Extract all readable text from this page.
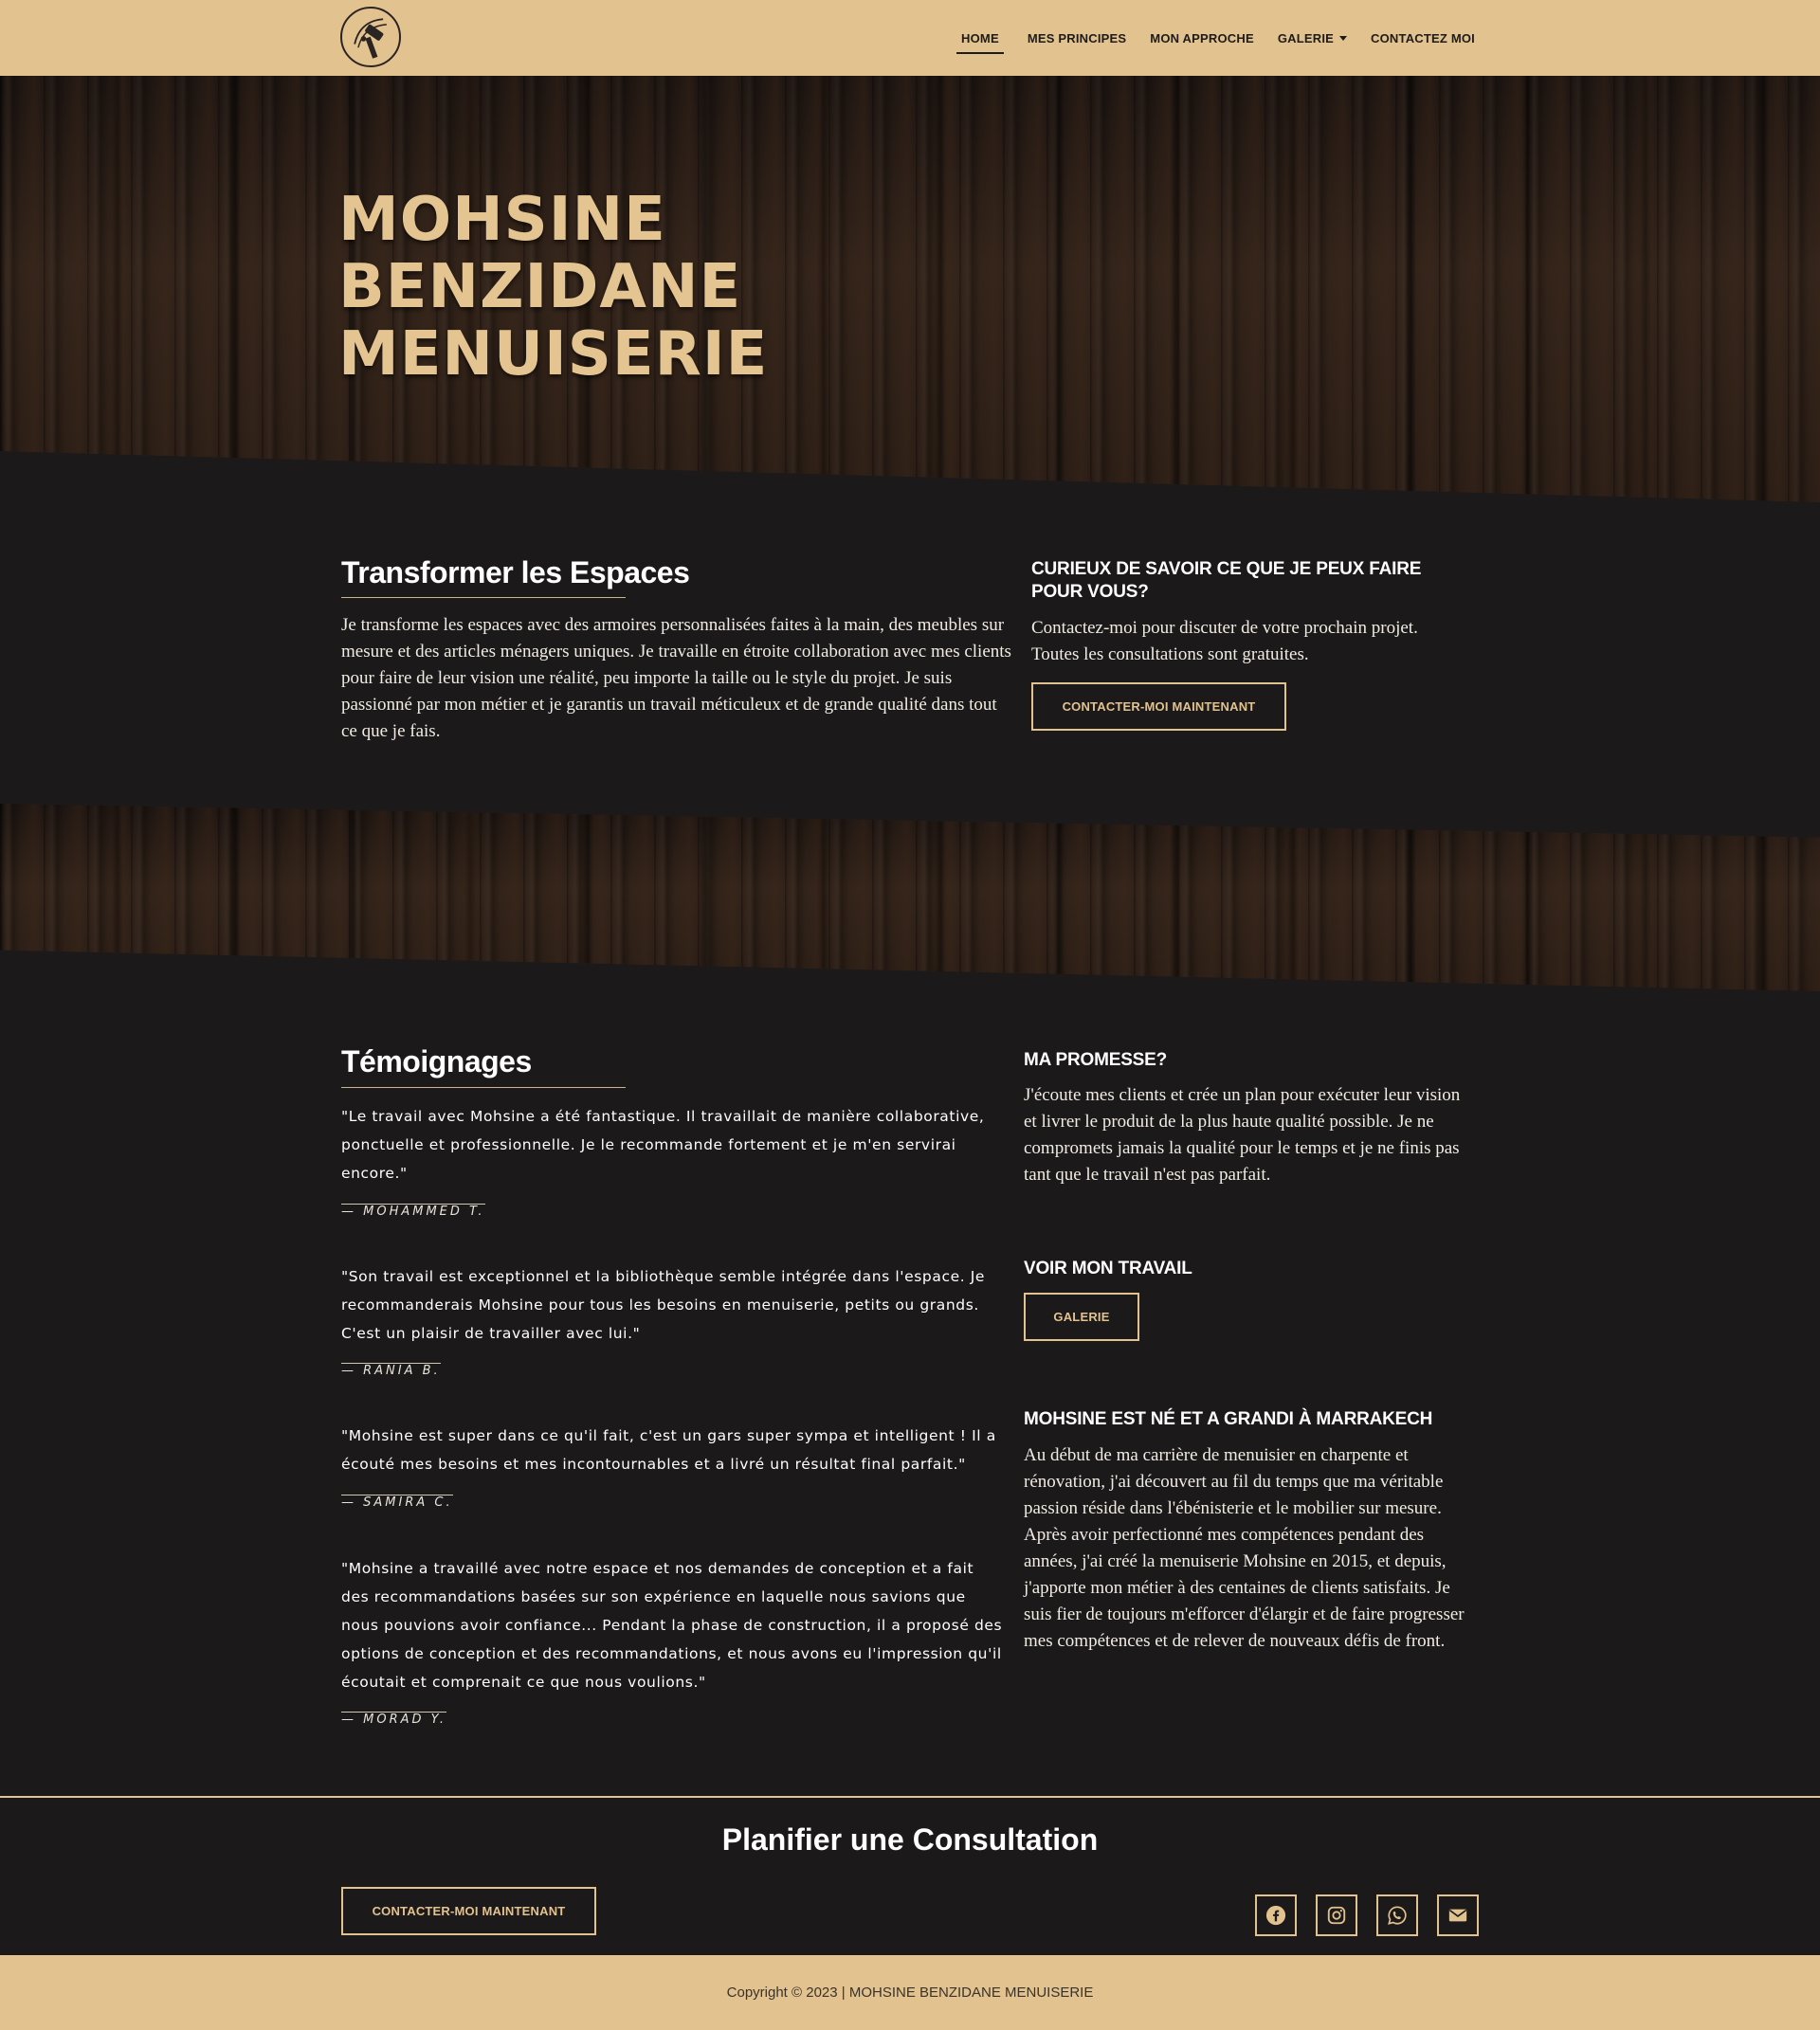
HOME MES PRINCIPES MON APPROCHE GALERIE	CONTACTEZ MOI
MOHSINE
BENZIDANE
MENUISERIE
Transformer les Espaces

Je transforme les espaces avec des armoires personnalisées faites à la main, des meubles sur mesure et des articles ménagers uniques. Je travaille en étroite collaboration avec mes clients pour faire de leur vision une réalité, peu importe la taille ou le style du projet. Je suis passionné par mon métier et je garantis un travail méticuleux et de grande qualité dans tout ce que je fais.

CURIEUX DE SAVOIR CE QUE JE PEUX FAIRE POUR VOUS?

Contactez-moi pour discuter de votre prochain projet. Toutes les consultations sont gratuites.

CONTACTER-MOI MAINTENANT
Témoignages

"Le travail avec Mohsine a été fantastique. Il travaillait de manière collaborative, ponctuelle et professionnelle. Je le recommande fortement et je m'en servirai encore."

— MOHAMMED T.

"Son travail est exceptionnel et la bibliothèque semble intégrée dans l'espace. Je recommanderais Mohsine pour tous les besoins en menuiserie, petits ou grands. C'est un plaisir de travailler avec lui."

— RANIA B.

"Mohsine est super dans ce qu'il fait, c'est un gars super sympa et intelligent ! Il a écouté mes besoins et mes incontournables et a livré un résultat final parfait."

— SAMIRA C.

"Mohsine a travaillé avec notre espace et nos demandes de conception et a fait des recommandations basées sur son expérience en laquelle nous savions que nous pouvions avoir confiance... Pendant la phase de construction, il a proposé des options de conception et des recommandations, et nous avons eu l'impression qu'il écoutait et comprenait ce que nous voulions."

— MORAD Y.

MA PROMESSE?

J'écoute mes clients et crée un plan pour exécuter leur vision et livrer le produit de la plus haute qualité possible. Je ne compromets jamais la qualité pour le temps et je ne finis pas tant que le travail n'est pas parfait.

VOIR MON TRAVAIL
GALERIE
MOHSINE EST NÉ ET A GRANDI À MARRAKECH

Au début de ma carrière de menuisier en charpente et rénovation, j'ai découvert au fil du temps que ma véritable passion réside dans l'ébénisterie et le mobilier sur mesure. Après avoir perfectionné mes compétences pendant des années, j'ai créé la menuiserie Mohsine en 2015, et depuis, j'apporte mon métier à des centaines de clients satisfaits. Je suis fier de toujours m'efforcer d'élargir et de faire progresser mes compétences et de relever de nouveaux défis de front.

Planifier une Consultation
CONTACTER-MOI MAINTENANT
Copyright © 2023 | MOHSINE BENZIDANE MENUISERIE
